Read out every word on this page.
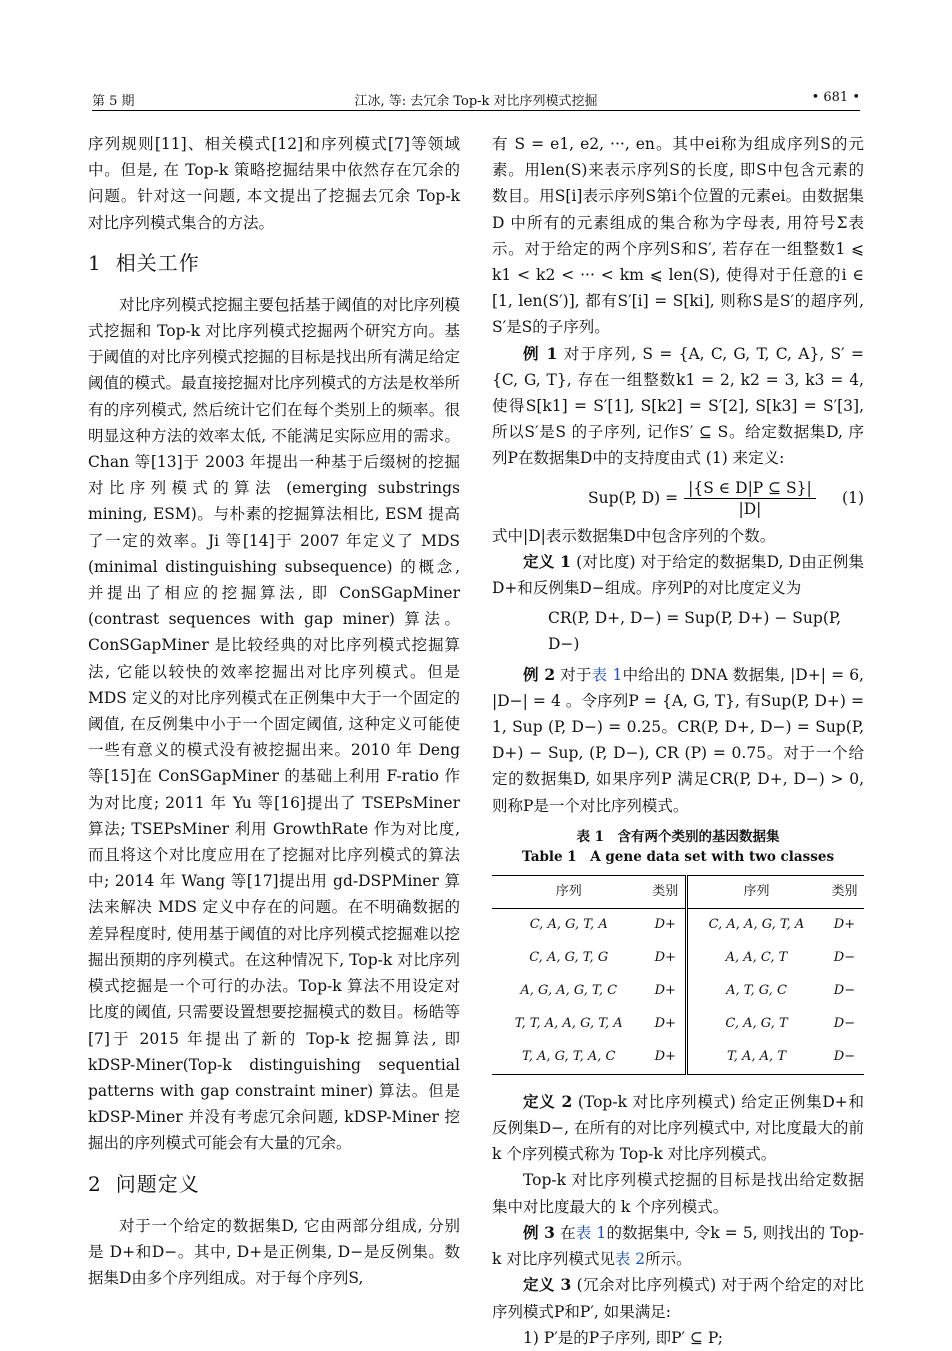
第 5 期	江冰, 等: 去冗余 Top-k 对比序列模式挖掘	• 681 •

序列规则[11]、相关模式[12]和序列模式[7]等领域中。但是, 在 Top-k 策略挖掘结果中依然存在冗余的问题。针对这一问题, 本文提出了挖掘去冗余 Top-k 对比序列模式集合的方法。

1 相关工作

对比序列模式挖掘主要包括基于阈值的对比序列模式挖掘和 Top-k 对比序列模式挖掘两个研究方向。基于阈值的对比序列模式挖掘的目标是找出所有满足给定阈值的模式。最直接挖掘对比序列模式的方法是枚举所有的序列模式, 然后统计它们在每个类别上的频率。很明显这种方法的效率太低, 不能满足实际应用的需求。Chan 等[13]于 2003 年提出一种基于后缀树的挖掘对比序列模式的算法 (emerging substrings mining, ESM)。与朴素的挖掘算法相比, ESM 提高了一定的效率。Ji 等[14]于 2007 年定义了 MDS (minimal distinguishing subsequence) 的概念, 并提出了相应的挖掘算法, 即 ConSGapMiner (contrast sequences with gap miner) 算法。ConSGapMiner 是比较经典的对比序列模式挖掘算法, 它能以较快的效率挖掘出对比序列模式。但是 MDS 定义的对比序列模式在正例集中大于一个固定的阈值, 在反例集中小于一个固定阈值, 这种定义可能使一些有意义的模式没有被挖掘出来。2010 年 Deng 等[15]在 ConSGapMiner 的基础上利用 F-ratio 作为对比度; 2011 年 Yu 等[16]提出了 TSEPsMiner 算法; TSEPsMiner 利用 GrowthRate 作为对比度, 而且将这个对比度应用在了挖掘对比序列模式的算法中; 2014 年 Wang 等[17]提出用 gd-DSPMiner 算法来解决 MDS 定义中存在的问题。在不明确数据的差异程度时, 使用基于阈值的对比序列模式挖掘难以挖掘出预期的序列模式。在这种情况下, Top-k 对比序列模式挖掘是一个可行的办法。Top-k 算法不用设定对比度的阈值, 只需要设置想要挖掘模式的数目。杨皓等[7]于 2015 年提出了新的 Top-k 挖掘算法, 即 kDSP-Miner(Top-k distinguishing sequential patterns with gap constraint miner) 算法。但是 kDSP-Miner 并没有考虑冗余问题, kDSP-Miner 挖掘出的序列模式可能会有大量的冗余。

2 问题定义

对于一个给定的数据集D, 它由两部分组成, 分别是 D+和D−。其中, D+是正例集, D−是反例集。数据集D由多个序列组成。对于每个序列S,

有 S = e1, e2, ···, en。其中ei称为组成序列S的元素。用len(S)来表示序列S的长度, 即S中包含元素的数目。用S[i]表示序列S第i个位置的元素ei。由数据集 D 中所有的元素组成的集合称为字母表, 用符号Σ表示。对于给定的两个序列S和S′, 若存在一组整数1 ⩽ k1 < k2 < ··· < km ⩽ len(S), 使得对于任意的i ∈ [1, len(S′)], 都有S′[i] = S[ki], 则称S是S′的超序列, S′是S的子序列。

例 1 对于序列, S = {A, C, G, T, C, A}, S′ = {C, G, T}, 存在一组整数k1 = 2, k2 = 3, k3 = 4, 使得S[k1] = S′[1], S[k2] = S′[2], S[k3] = S′[3], 所以S′是S 的子序列, 记作S′ ⊆ S。给定数据集D, 序列P在数据集D中的支持度由式 (1) 来定义:

Sup(P, $D) = \frac{|\{S \in D|P ⊆ S\}|}{|D|} (1)$

式中|D|表示数据集D中包含序列的个数。

定义 1 (对比度) 对于给定的数据集D, D由正例集D+和反例集D−组成。序列P的对比度定义为

CR(P, D+, D−) = Sup(P, D+) − Sup(P, D−)

例 2 对于表 1中给出的 DNA 数据集, |D+| = 6, |D−| = 4 。令序列P = {A, G, T}, 有Sup(P, D+) = 1, Sup (P, D−) = 0.25。CR(P, D+, D−) = Sup(P, D+) − Sup, (P, D−), CR (P) = 0.75。对于一个给定的数据集D, 如果序列P 满足CR(P, D+, D−) > 0, 则称P是一个对比序列模式。

表 1　含有两个类别的基因数据集
Table 1　A gene data set with two classes
序列	类别	序列	类别
C, A, G, T, A	D+	C, A, A, G, T, A	D+
C, A, G, T, G	D+	A, A, C, T	D−
A, G, A, G, T, C	D+	A, T, G, C	D−
T, T, A, A, G, T, A	D+	C, A, G, T	D−
T, A, G, T, A, C	D+	T, A, A, T	D−

定义 2 (Top-k 对比序列模式) 给定正例集D+和反例集D−, 在所有的对比序列模式中, 对比度最大的前 k 个序列模式称为 Top-k 对比序列模式。

Top-k 对比序列模式挖掘的目标是找出给定数据集中对比度最大的 k 个序列模式。

例 3 在表 1的数据集中, 令k = 5, 则找出的 Top-k 对比序列模式见表 2所示。

定义 3 (冗余对比序列模式) 对于两个给定的对比序列模式P和P′, 如果满足:

1) P′是的P子序列, 即P′ ⊆ P;
